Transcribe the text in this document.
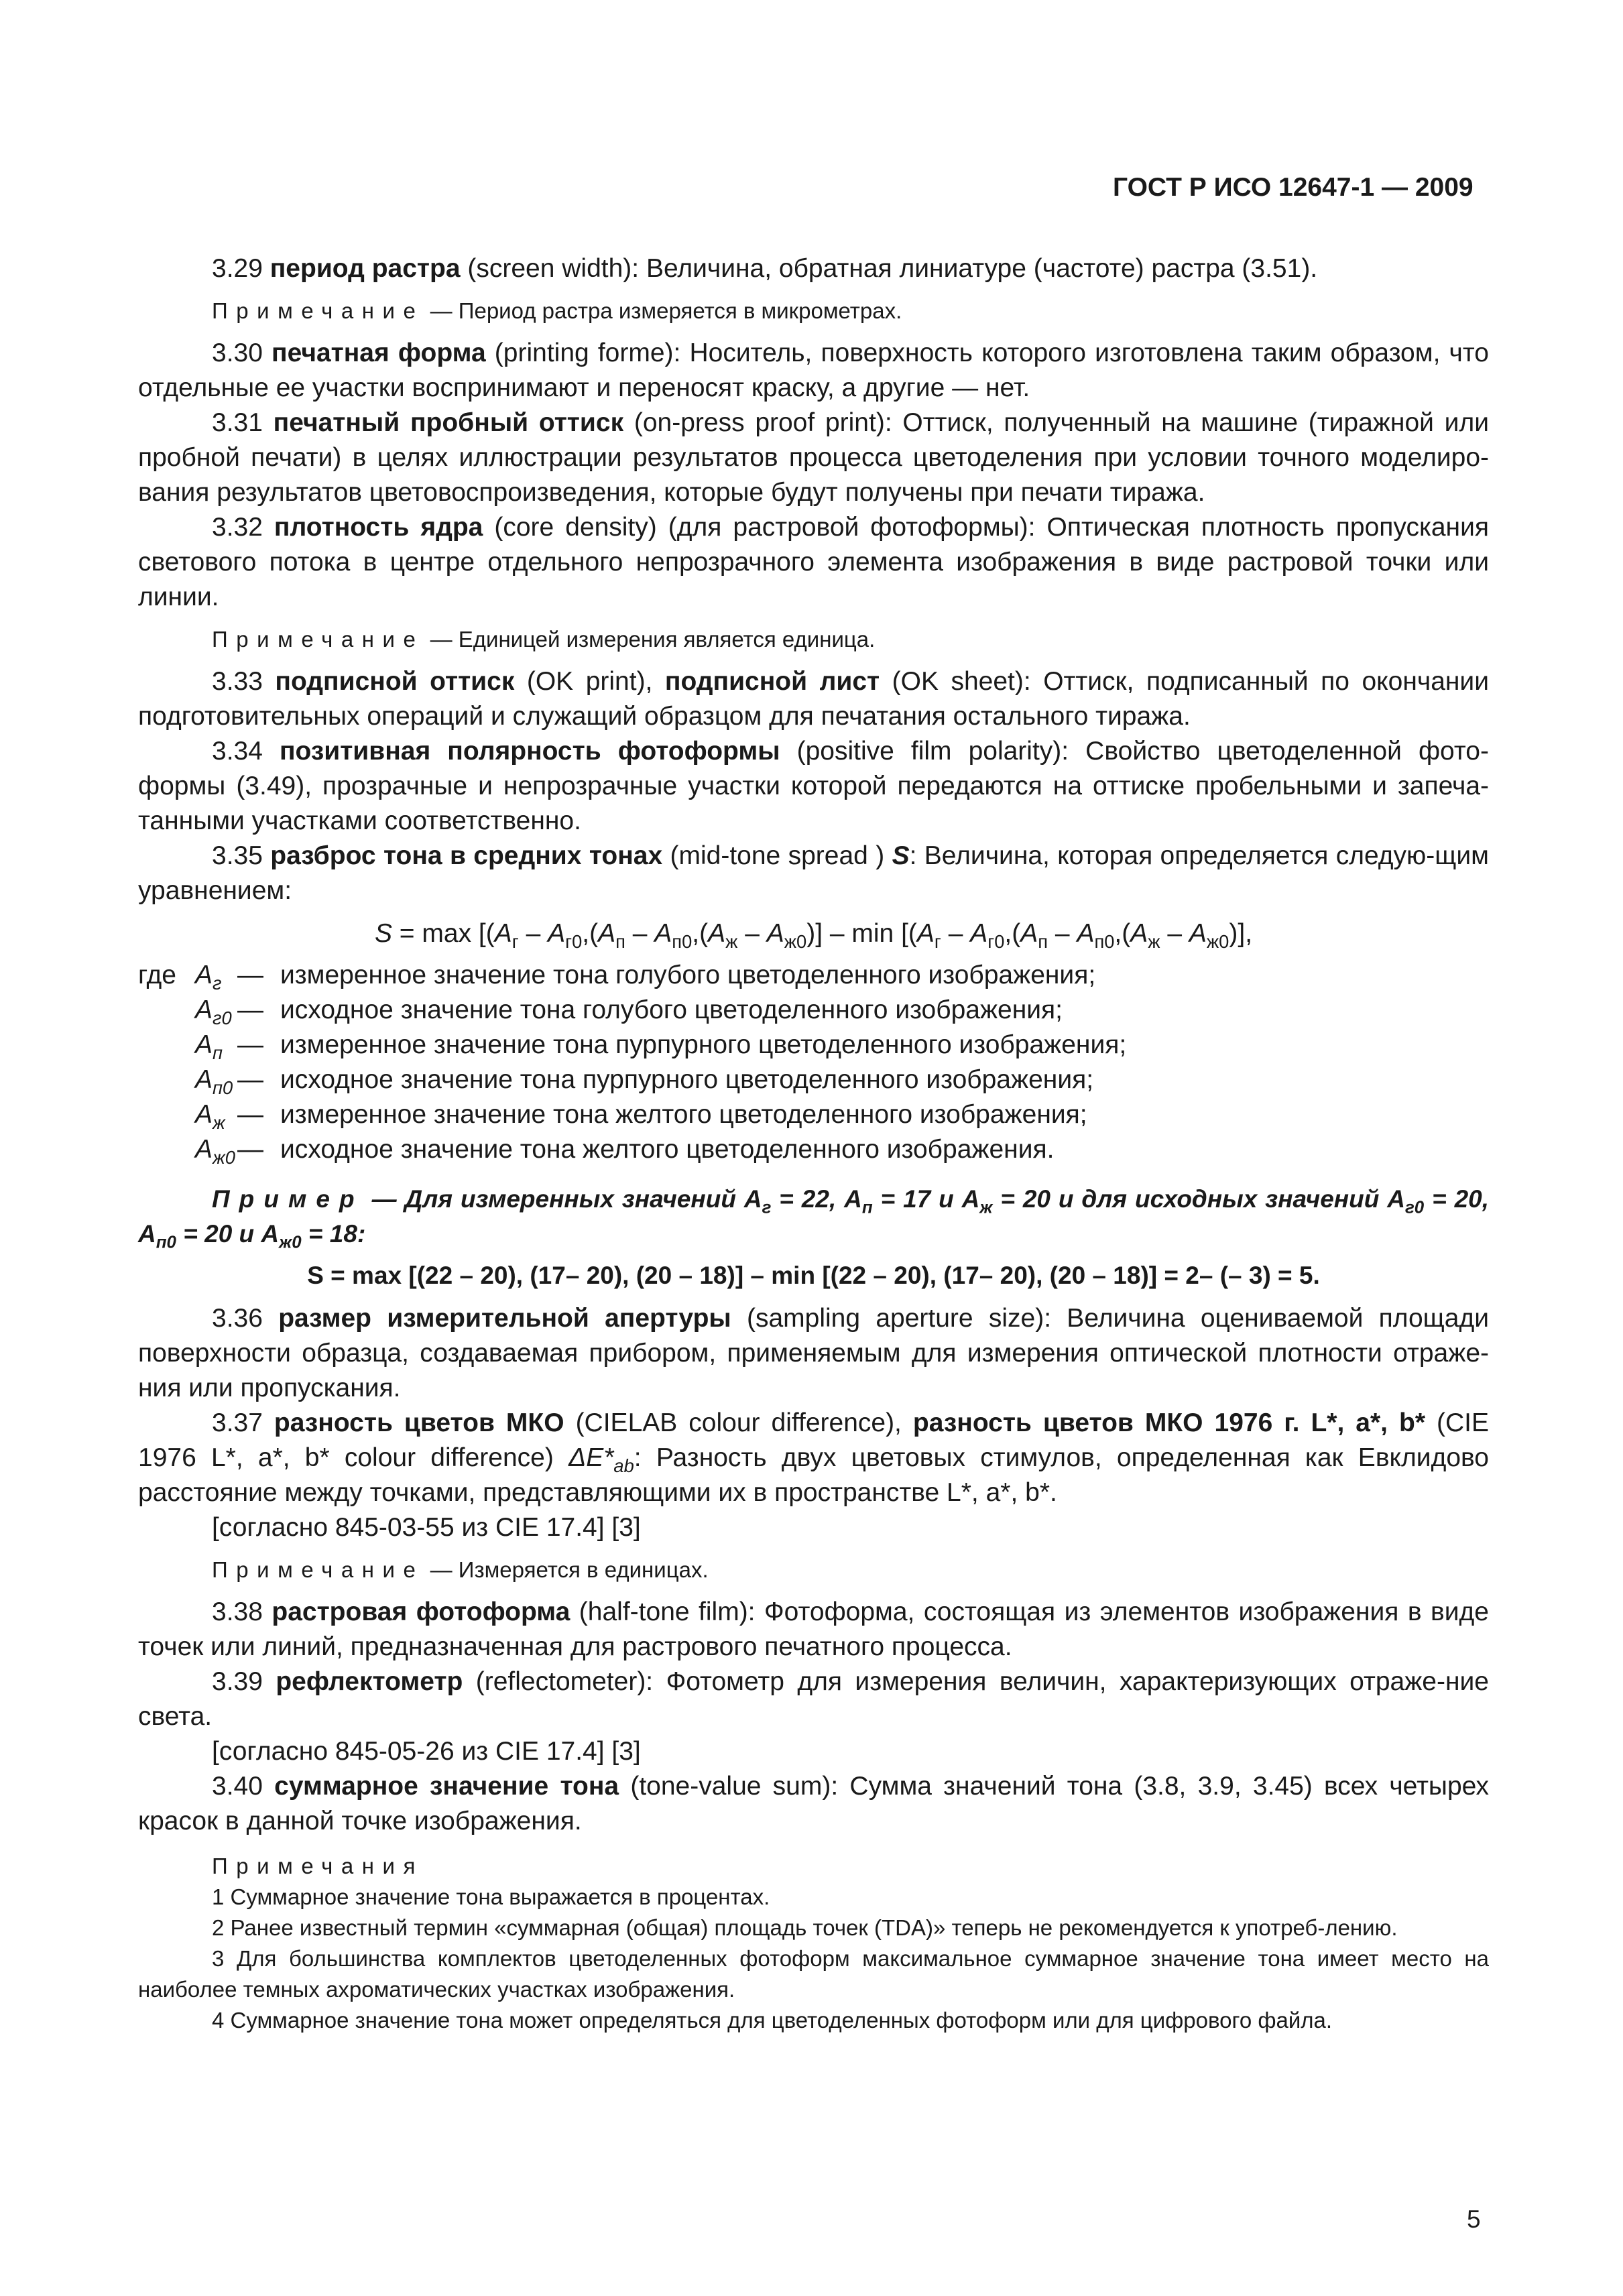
ГОСТ Р ИСО 12647-1 — 2009

3.29 период растра (screen width): Величина, обратная линиатуре (частоте) растра (3.51).

Примечание — Период растра измеряется в микрометрах.

3.30 печатная форма (printing forme): Носитель, поверхность которого изготовлена таким образом, что отдельные ее участки воспринимают и переносят краску, а другие — нет.

3.31 печатный пробный оттиск (on-press proof print): Оттиск, полученный на машине (тиражной или пробной печати) в целях иллюстрации результатов процесса цветоделения при условии точного моделиро-вания результатов цветовоспроизведения, которые будут получены при печати тиража.

3.32 плотность ядра (core density) (для растровой фотоформы): Оптическая плотность пропускания светового потока в центре отдельного непрозрачного элемента изображения в виде растровой точки или линии.

Примечание — Единицей измерения является единица.

3.33 подписной оттиск (OK print), подписной лист (OK sheet): Оттиск, подписанный по окончании подготовительных операций и служащий образцом для печатания остального тиража.

3.34 позитивная полярность фотоформы (positive film polarity): Свойство цветоделенной фото-формы (3.49), прозрачные и непрозрачные участки которой передаются на оттиске пробельными и запеча-танными участками соответственно.

3.35 разброс тона в средних тонах (mid-tone spread ) S: Величина, которая определяется следую-щим уравнением:

$S = \max [(A_г - A_{г0},(A_п - A_{п0},(A_ж - A_{ж0})] - \min [(A_г - A_{г0},(A_п - A_{п0},(A_ж - A_{ж0})]$,

где $A_г$ — измеренное значение тона голубого цветоделенного изображения;
$A_{г0}$ — исходное значение тона голубого цветоделенного изображения;
$A_п$ — измеренное значение тона пурпурного цветоделенного изображения;
$A_{п0}$ — исходное значение тона пурпурного цветоделенного изображения;
$A_ж$ — измеренное значение тона желтого цветоделенного изображения;
$A_{ж0}$ — исходное значение тона желтого цветоделенного изображения.

Пример — Для измеренных значений $A_г = 22$, $A_п = 17$ и $A_ж = 20$ и для исходных значений $A_{г0} = 20$, $A_{п0} = 20$ и $A_{ж0} = 18$:

S = max [(22 – 20), (17– 20), (20 – 18)] – min [(22 – 20), (17– 20), (20 – 18)] = 2– (– 3) = 5.

3.36 размер измерительной апертуры (sampling aperture size): Величина оцениваемой площади поверхности образца, создаваемая прибором, применяемым для измерения оптической плотности отраже-ния или пропускания.

3.37 разность цветов МКО (CIELAB colour difference), разность цветов МКО 1976 г. L*, a*, b* (CIE 1976 L*, a*, b* colour difference) $\Delta E*_{ab}$: Разность двух цветовых стимулов, определенная как Евклидово расстояние между точками, представляющими их в пространстве L*, a*, b*.

[согласно 845-03-55 из CIE 17.4] [3]

Примечание — Измеряется в единицах.

3.38 растровая фотоформа (half-tone film): Фотоформа, состоящая из элементов изображения в виде точек или линий, предназначенная для растрового печатного процесса.

3.39 рефлектометр (reflectometer): Фотометр для измерения величин, характеризующих отраже-ние света.

[согласно 845-05-26 из CIE 17.4] [3]

3.40 суммарное значение тона (tone-value sum): Сумма значений тона (3.8, 3.9, 3.45) всех четырех красок в данной точке изображения.

Примечания

1 Суммарное значение тона выражается в процентах.

2 Ранее известный термин «суммарная (общая) площадь точек (TDA)» теперь не рекомендуется к употреб-лению.

3 Для большинства комплектов цветоделенных фотоформ максимальное суммарное значение тона имеет место на наиболее темных ахроматических участках изображения.

4 Суммарное значение тона может определяться для цветоделенных фотоформ или для цифрового файла.

5
